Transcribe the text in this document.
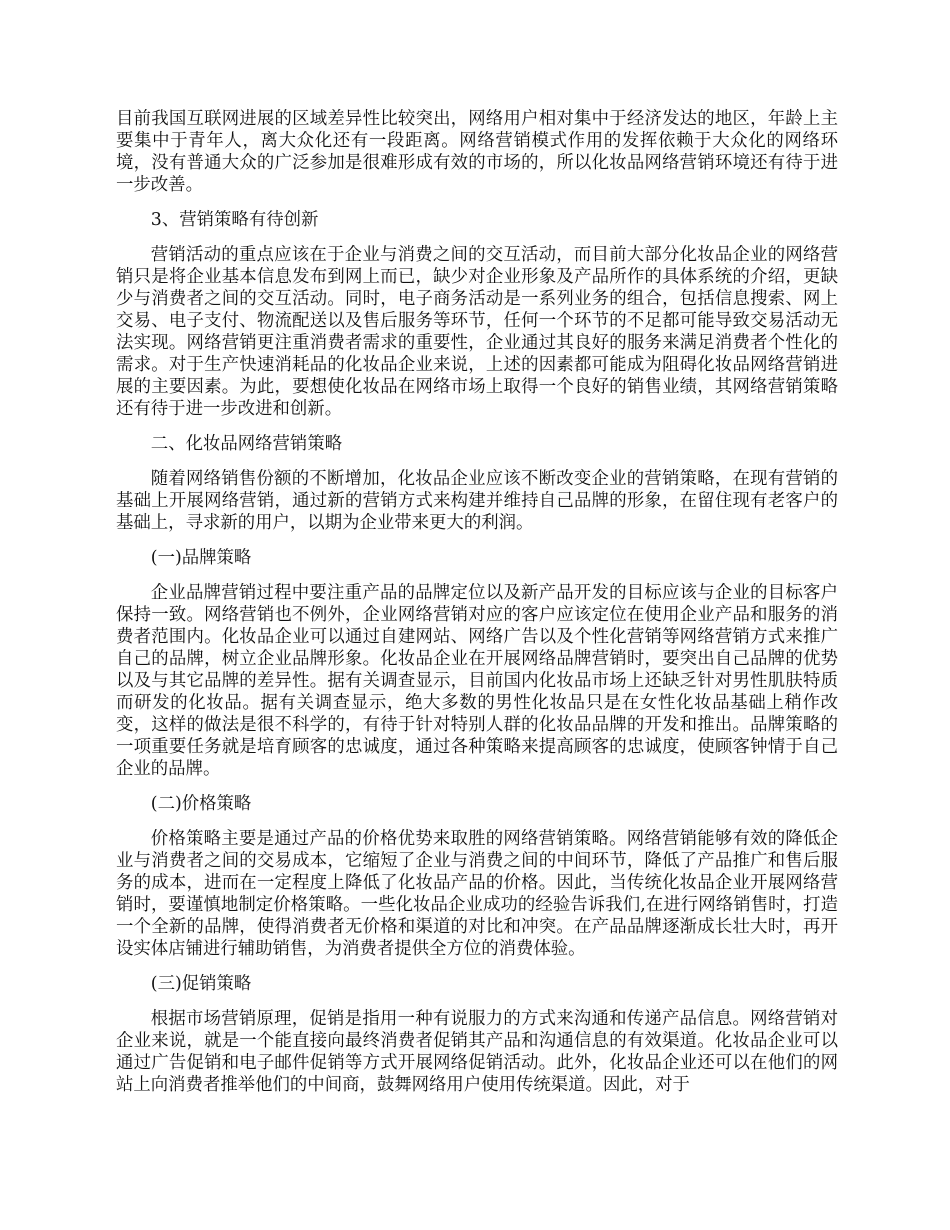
目前我国互联网进展的区域差异性比较突出，网络用户相对集中于经济发达的地区，年龄上主要集中于青年人，离大众化还有一段距离。网络营销模式作用的发挥依赖于大众化的网络环境，没有普通大众的广泛参加是很难形成有效的市场的，所以化妆品网络营销环境还有待于进一步改善。

3、营销策略有待创新

营销活动的重点应该在于企业与消费之间的交互活动，而目前大部分化妆品企业的网络营销只是将企业基本信息发布到网上而已，缺少对企业形象及产品所作的具体系统的介绍，更缺少与消费者之间的交互活动。同时，电子商务活动是一系列业务的组合，包括信息搜索、网上交易、电子支付、物流配送以及售后服务等环节，任何一个环节的不足都可能导致交易活动无法实现。网络营销更注重消费者需求的重要性，企业通过其良好的服务来满足消费者个性化的需求。对于生产快速消耗品的化妆品企业来说，上述的因素都可能成为阻碍化妆品网络营销进展的主要因素。为此，要想使化妆品在网络市场上取得一个良好的销售业绩，其网络营销策略还有待于进一步改进和创新。

二、化妆品网络营销策略

随着网络销售份额的不断增加，化妆品企业应该不断改变企业的营销策略，在现有营销的基础上开展网络营销，通过新的营销方式来构建并维持自己品牌的形象，在留住现有老客户的基础上，寻求新的用户，以期为企业带来更大的利润。

(一)品牌策略

企业品牌营销过程中要注重产品的品牌定位以及新产品开发的目标应该与企业的目标客户保持一致。网络营销也不例外，企业网络营销对应的客户应该定位在使用企业产品和服务的消费者范围内。化妆品企业可以通过自建网站、网络广告以及个性化营销等网络营销方式来推广自己的品牌，树立企业品牌形象。化妆品企业在开展网络品牌营销时，要突出自己品牌的优势以及与其它品牌的差异性。据有关调查显示，目前国内化妆品市场上还缺乏针对男性肌肤特质而研发的化妆品。据有关调查显示，绝大多数的男性化妆品只是在女性化妆品基础上稍作改变，这样的做法是很不科学的，有待于针对特别人群的化妆品品牌的开发和推出。品牌策略的一项重要任务就是培育顾客的忠诚度，通过各种策略来提高顾客的忠诚度，使顾客钟情于自己企业的品牌。

(二)价格策略

价格策略主要是通过产品的价格优势来取胜的网络营销策略。网络营销能够有效的降低企业与消费者之间的交易成本，它缩短了企业与消费之间的中间环节，降低了产品推广和售后服务的成本，进而在一定程度上降低了化妆品产品的价格。因此，当传统化妆品企业开展网络营销时，要谨慎地制定价格策略。一些化妆品企业成功的经验告诉我们,在进行网络销售时，打造一个全新的品牌，使得消费者无价格和渠道的对比和冲突。在产品品牌逐渐成长壮大时，再开设实体店铺进行辅助销售，为消费者提供全方位的消费体验。

(三)促销策略

根据市场营销原理，促销是指用一种有说服力的方式来沟通和传递产品信息。网络营销对企业来说，就是一个能直接向最终消费者促销其产品和沟通信息的有效渠道。化妆品企业可以通过广告促销和电子邮件促销等方式开展网络促销活动。此外，化妆品企业还可以在他们的网站上向消费者推举他们的中间商，鼓舞网络用户使用传统渠道。因此，对于
